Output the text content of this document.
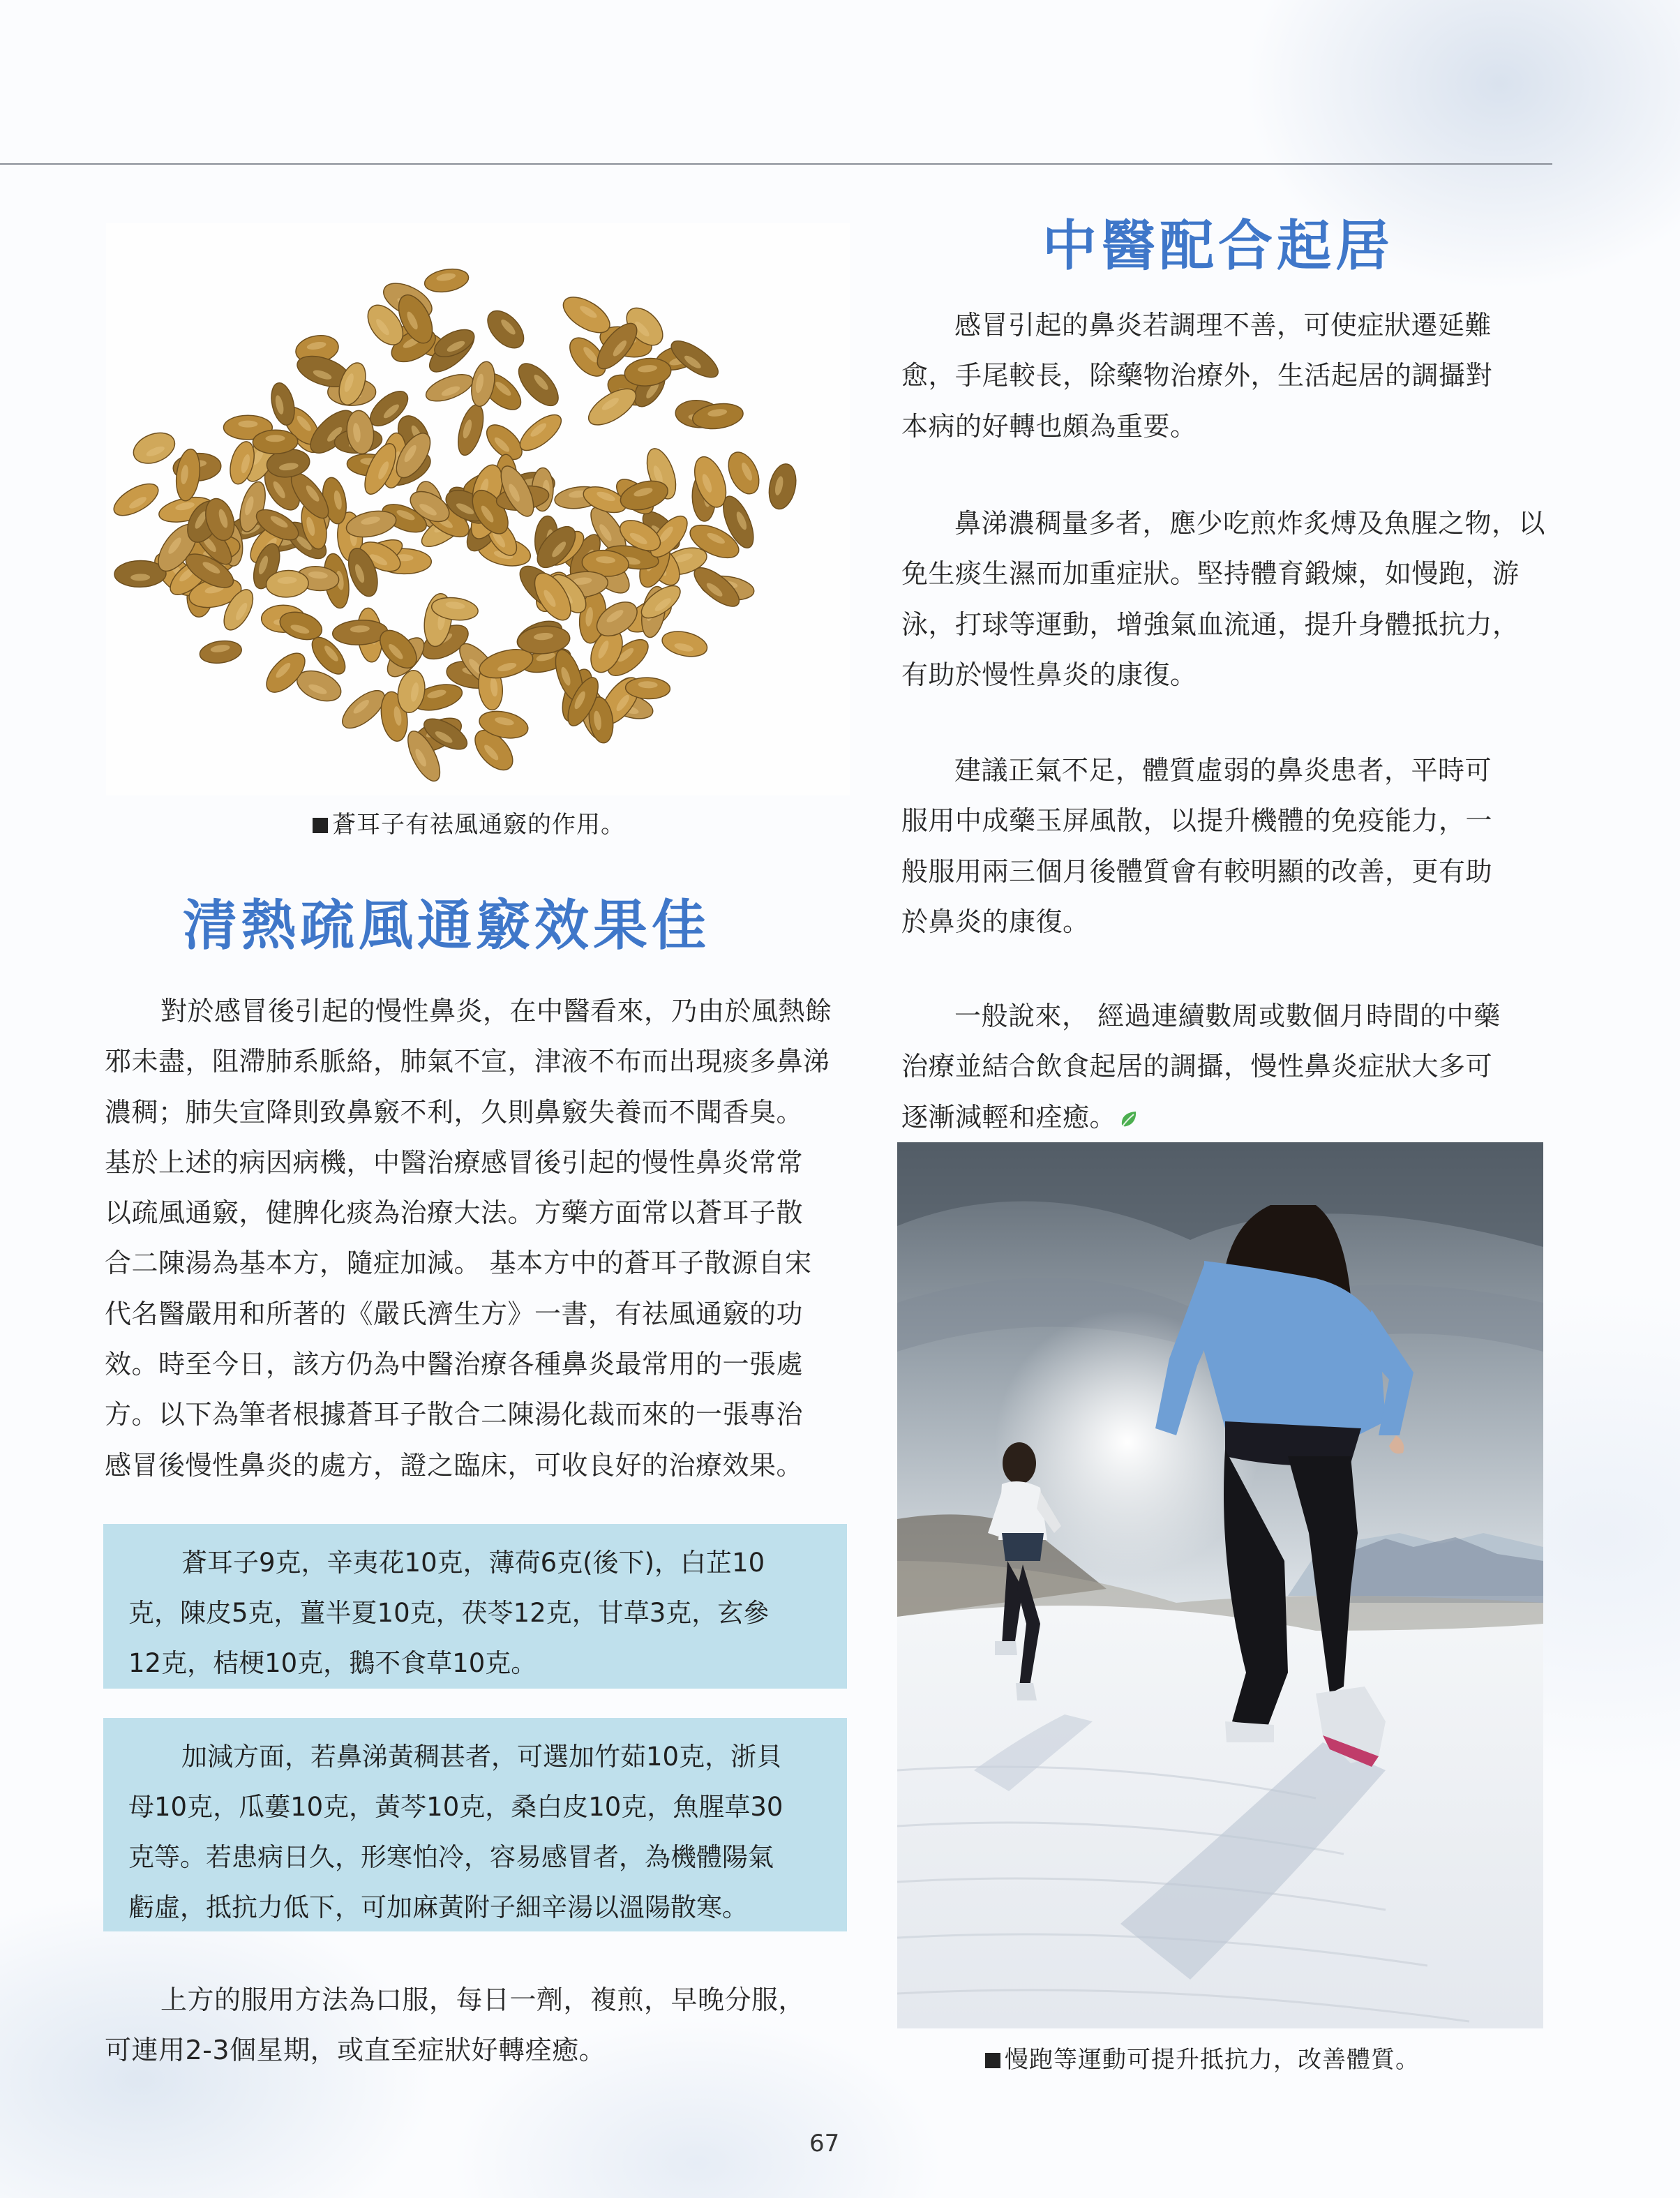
蒼耳子有祛風通竅的作用。
清熱疏風通竅效果佳
對於感冒後引起的慢性鼻炎，在中醫看來，乃由於風熱餘
邪未盡，阻滯肺系脈絡，肺氣不宣，津液不布而出現痰多鼻涕
濃稠；肺失宣降則致鼻竅不利，久則鼻竅失養而不聞香臭。
基於上述的病因病機，中醫治療感冒後引起的慢性鼻炎常常
以疏風通竅，健脾化痰為治療大法。方藥方面常以蒼耳子散
合二陳湯為基本方，隨症加減。 基本方中的蒼耳子散源自宋
代名醫嚴用和所著的《嚴氏濟生方》一書，有祛風通竅的功
效。時至今日，該方仍為中醫治療各種鼻炎最常用的一張處
方。以下為筆者根據蒼耳子散合二陳湯化裁而來的一張專治
感冒後慢性鼻炎的處方，證之臨床，可收良好的治療效果。
蒼耳子9克，辛夷花10克，薄荷6克(後下)，白芷10
克，陳皮5克，薑半夏10克，茯苓12克，甘草3克，玄參
12克，桔梗10克，鵝不食草10克。
加減方面，若鼻涕黃稠甚者，可選加竹茹10克，浙貝
母10克，瓜蔞10克，黃芩10克，桑白皮10克，魚腥草30
克等。若患病日久，形寒怕冷，容易感冒者，為機體陽氣
虧虛，抵抗力低下，可加麻黃附子細辛湯以溫陽散寒。
上方的服用方法為口服，每日一劑，複煎，早晚分服，
可連用2-3個星期，或直至症狀好轉痊癒。
中醫配合起居
感冒引起的鼻炎若調理不善，可使症狀遷延難
愈，手尾較長，除藥物治療外，生活起居的調攝對
本病的好轉也頗為重要。
鼻涕濃稠量多者，應少吃煎炸炙煿及魚腥之物，以
免生痰生濕而加重症狀。堅持體育鍛煉，如慢跑，游
泳，打球等運動，增強氣血流通，提升身體抵抗力，
有助於慢性鼻炎的康復。
建議正氣不足，體質虛弱的鼻炎患者，平時可
服用中成藥玉屏風散，以提升機體的免疫能力，一
般服用兩三個月後體質會有較明顯的改善，更有助
於鼻炎的康復。
一般說來， 經過連續數周或數個月時間的中藥
治療並結合飲食起居的調攝，慢性鼻炎症狀大多可
逐漸減輕和痊癒。
慢跑等運動可提升抵抗力，改善體質。
67
